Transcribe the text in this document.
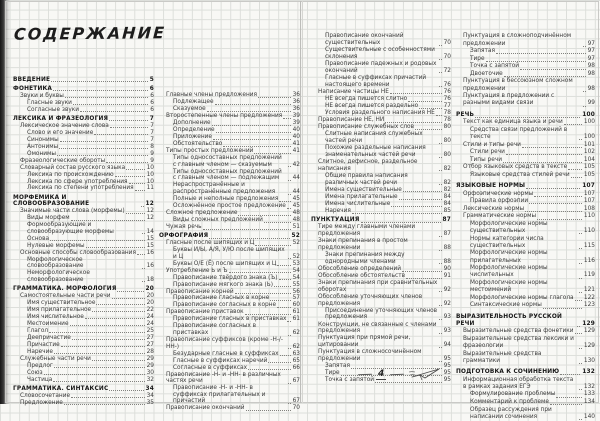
СОДЕРЖАНИЕ
ВВЕДЕНИЕ	5
ФОНЕТИКА	6
Звуки и буквы	6
Гласные звуки	6
Согласные звуки	6
ЛЕКСИКА И ФРАЗЕОЛОГИЯ	7
Лексическое значение слова	7
Слово и его значение	7
Синонимы	7
Антонимы	8
Омонимы	9
Фразеологические обороты	9
Словарный состав русского языка	10
Лексика по происхождению	10
Лексика по сфере употребления	10
Лексика по степени употребления 11
МОРФЕМИКА И СЛОВООБРАЗОВАНИЕ	12
Значимые части слова (морфемы)	12
Виды морфем	12
Формообразующие и словообразующие морфемы	14
Основа	15
Нулевые морфемы	15
Основные способы словообразования 16
Морфологическое словообразование	16
Неморфологическое словообразование	18
ГРАММАТИКА. МОРФОЛОГИЯ	20
Самостоятельные части речи	20
Имя существительное	20
Имя прилагательное	22
Имя числительное	24
Местоимение	24
Глагол	25
Деепричастие	27
Причастие	27
Наречие	28
Служебные части речи	29
Предлог	29
Союз	30
Частица	32
ГРАММАТИКА. СИНТАКСИС	34
Словосочетание	34
Предложение	35
Главные члены предложения	36
Подлежащее	36
Сказуемое	36
Второстепенные члены предложения 39
Дополнение	39
Определение	40
Приложение	40
Обстоятельство	41
Типы простых предложений	41
Типы односоставных предложений с главным членом — сказуемым	42
Типы односоставных предложений с главным членом — подлежащим	44
Нераспространённые и распространённые предложения	44
Полные и неполные предложения 45
Осложнённое простое предложение 45
Сложное предложение	48
Виды сложных предложений	48
Чужая речь	51
ОРФОГРАФИЯ	52
Гласные после шипящих и Ц	52
Буквы И/Ы, А/Я, У/Ю после шипящих и Ц	52
Буквы О/Е (Ё) после шипящих и Ц	53
Употребление Ь и Ъ	54
Правописание твёрдого знака (Ъ)	54
Правописание мягкого знака (Ь)	55
Правописание корней	56
Правописание гласных в корне	57
Правописание согласных в корне	60
Правописание приставок	61
Правописание гласных в приставках 61
Правописание согласных в приставках	62
Правописание суффиксов (кроме -Н-/-НН-)	62
Безударные гласные в суффиксах 63
Гласные в суффиксах наречий	65
Согласные в суффиксах	66
Правописание -Н- и -НН- в различных частях речи	67
Правописание -Н- и -НН- в суффиксах прилагательных и причастий	67
Правописание окончаний	70
Правописание окончаний существительных	70
Существительные с особенностями склонения	70
Правописание падежных и родовых окончаний	72
Гласные в суффиксах причастий настоящего времени	76
Написание частицы НЕ	76
НЕ всегда пишется слитно	76
НЕ всегда пишется раздельно	77
Условия раздельного написания НЕ 78
Правописание НЕ, НИ	78
Правописание служебных слов	80
Слитные написания служебных частей речи	80
Похожие раздельные написания знаменательных частей речи	80
Слитное, дефисное, раздельное написания	82
Общие правила написания различных частей речи	82
Имена существительные	82
Имена прилагательные	84
Имена числительные	84
Наречия	85
ПУНКТУАЦИЯ	87
Тире между главными членами предложения	87
Знаки препинания в простом предложении	88
Знаки препинания между однородными членами	88
Обособление определений	90
Обособление обстоятельств	91
Знаки препинания при сравнительных оборотах	92
Обособление уточняющих членов предложения	92
Присоединение уточняющих членов предложения	93
Конструкции, не связанные с членами предложения	93
Пунктуация при прямой речи, цитировании	94
Пунктуация в сложносочинённом предложении	95
Запятая	95
Тире	95
Точка с запятой	95
Пунктуация в сложноподчинённом предложении	97
Запятая	97
Тире	97
Точка с запятой	98
Двоеточие	98
Пунктуация в бессоюзном сложном предложении	98
Пунктуация в предложении с разными видами связи	99
РЕЧЬ	100
Текст как единица языка и речи	100
Средства связи предложений в тексте	100
Стили и типы речи	101
Стили речи	102
Типы речи	104
Отбор языковых средств в тексте	105
Языковые средства стилей речи 105
ЯЗЫКОВЫЕ НОРМЫ	107
Орфоэпические нормы	107
Правила орфоэпии	107
Лексические нормы	108
Грамматические нормы	110
Морфологические нормы существительных	110
Нормы категории числа существительных	115
Морфологические нормы прилагательных	116
Морфологические нормы числительных	119
Морфологические нормы местоимений	121
Морфологические нормы глагола 122
Синтаксические нормы	123
ВЫРАЗИТЕЛЬНОСТЬ РУССКОЙ РЕЧИ	129
Выразительные средства фонетики 129
Выразительные средства лексики и фразеологии	129
Выразительные средства грамматики	130
ПОДГОТОВКА К СОЧИНЕНИЮ	132
Информационная обработка текста в рамках задания ЕГЭ	132
Формулирование проблемы	133
Комментарий к проблеме	134
Образец рассуждения при написании сочинения	140
4
